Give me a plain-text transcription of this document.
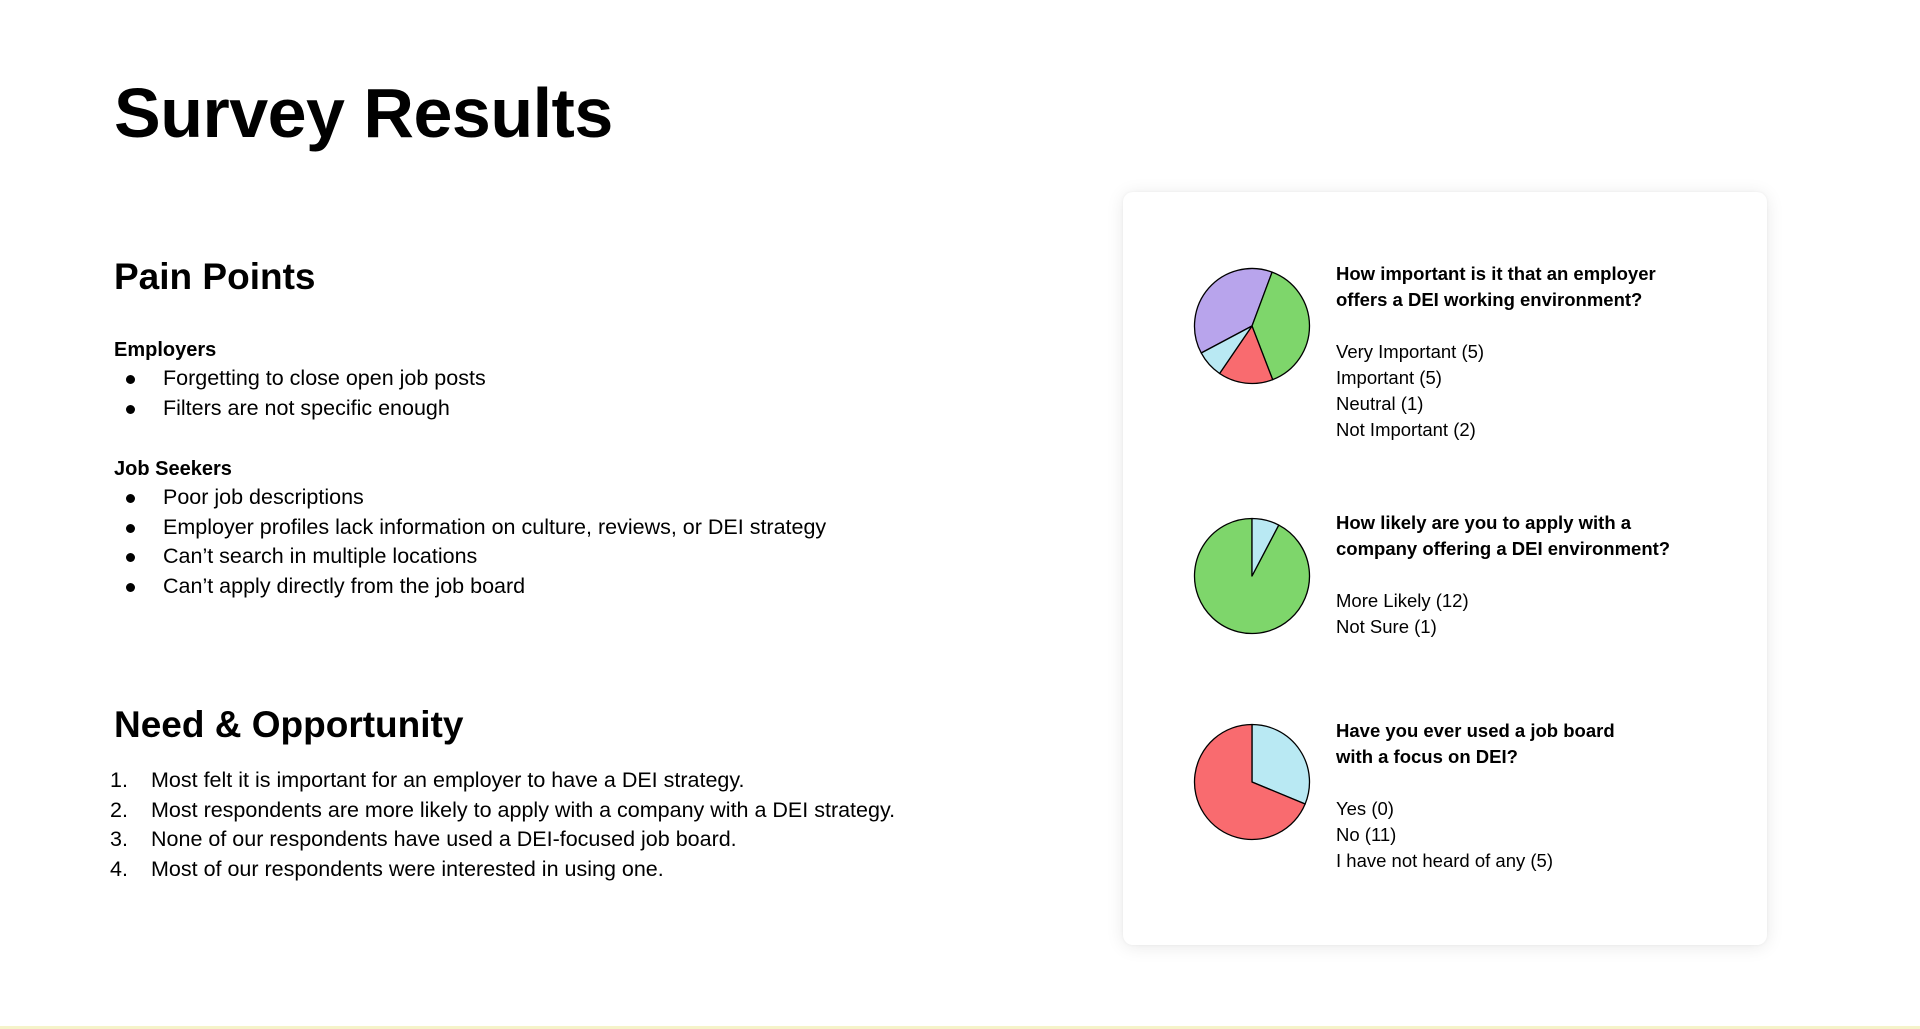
Survey Results
Pain Points
Employers
Forgetting to close open job posts
Filters are not specific enough
Job Seekers
Poor job descriptions
Employer profiles lack information on culture, reviews, or DEI strategy
Can’t search in multiple locations
Can’t apply directly from the job board
Need & Opportunity
1.	Most felt it is important for an employer to have a DEI strategy.
2.	Most respondents are more likely to apply with a company with a DEI strategy.
3.	None of our respondents have used a DEI-focused job board.
4.	Most of our respondents were interested in using one.
How important is it that an employer
offers a DEI working environment?
Very Important (5)
Important (5)
Neutral (1)
Not Important (2)
How likely are you to apply with a
company offering a DEI environment?
More Likely (12)
Not Sure (1)
Have you ever used a job board
with a focus on DEI?
Yes (0)
No (11)
I have not heard of any (5)
